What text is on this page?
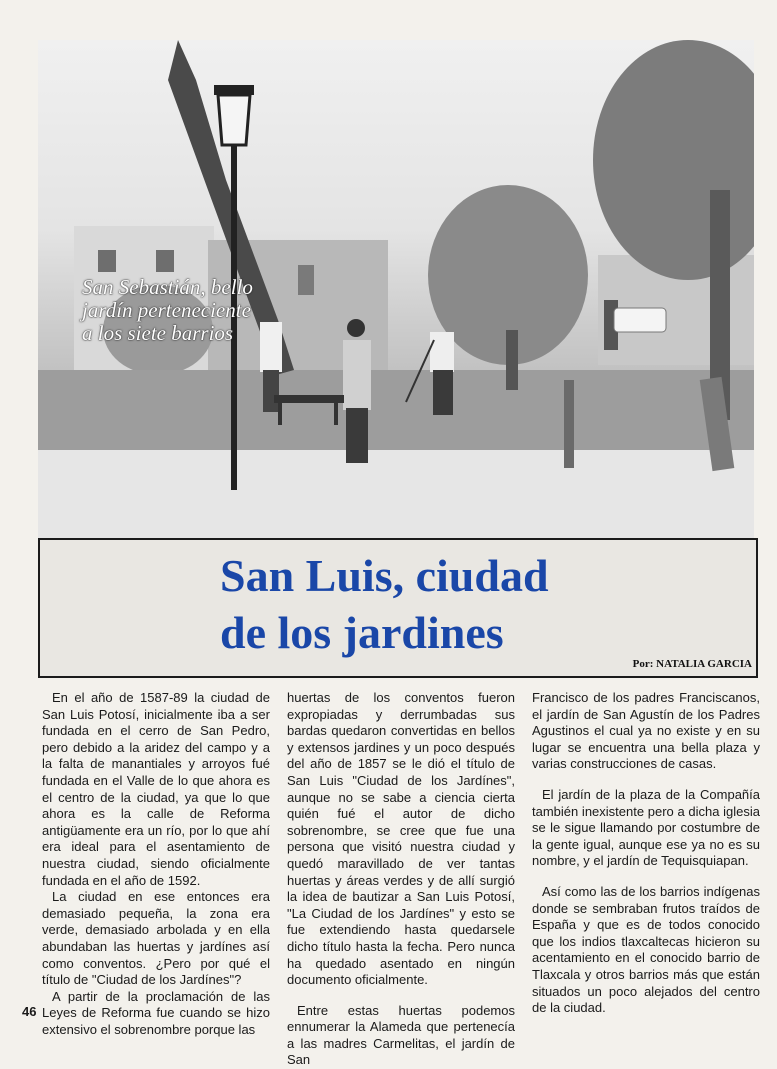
San Sebastián, bello jardín perteneciente a los siete barrios
San Luis, ciudad
de los jardines
Por: NATALIA GARCIA

En el año de 1587-89 la ciudad de San Luis Potosí, inicialmente iba a ser fundada en el cerro de San Pedro, pero debido a la aridez del campo y a la falta de manantiales y arroyos fué fundada en el Valle de lo que ahora es el centro de la ciudad, ya que lo que ahora es la calle de Reforma antigüamente era un río, por lo que ahí era ideal para el asentamiento de nuestra ciudad, siendo oficialmente fundada en el año de 1592.

La ciudad en ese entonces era demasiado pequeña, la zona era verde, demasiado arbolada y en ella abundaban las huertas y jardínes así como conventos. ¿Pero por qué el título de "Ciudad de los Jardínes"?

A partir de la proclamación de las Leyes de Reforma fue cuando se hizo extensivo el sobrenombre porque las

huertas de los conventos fueron expropiadas y derrumbadas sus bardas quedaron convertidas en bellos y extensos jardines y un poco después del año de 1857 se le dió el título de San Luis "Ciudad de los Jardínes", aunque no se sabe a ciencia cierta quién fué el autor de dicho sobrenombre, se cree que fue una persona que visitó nuestra ciudad y quedó maravillado de ver tantas huertas y áreas verdes y de allí surgió la idea de bautizar a San Luis Potosí, "La Ciudad de los Jardínes" y esto se fue extendiendo hasta quedarsele dicho título hasta la fecha. Pero nunca ha quedado asentado en ningún documento oficialmente.

Entre estas huertas podemos ennumerar la Alameda que pertenecía a las madres Carmelitas, el jardín de San

Francisco de los padres Franciscanos, el jardín de San Agustín de los Padres Agustinos el cual ya no existe y en su lugar se encuentra una bella plaza y varias construcciones de casas.

El jardín de la plaza de la Compañía también inexistente pero a dicha iglesia se le sigue llamando por costumbre de la gente igual, aunque ese ya no es su nombre, y el jardín de Tequisquiapan.

Así como las de los barrios indígenas donde se sembraban frutos traídos de España y que es de todos conocido que los indios tlaxcaltecas hicieron su acentamiento en el conocido barrio de Tlaxcala y otros barrios más que están situados un poco alejados del centro de la ciudad.

46
